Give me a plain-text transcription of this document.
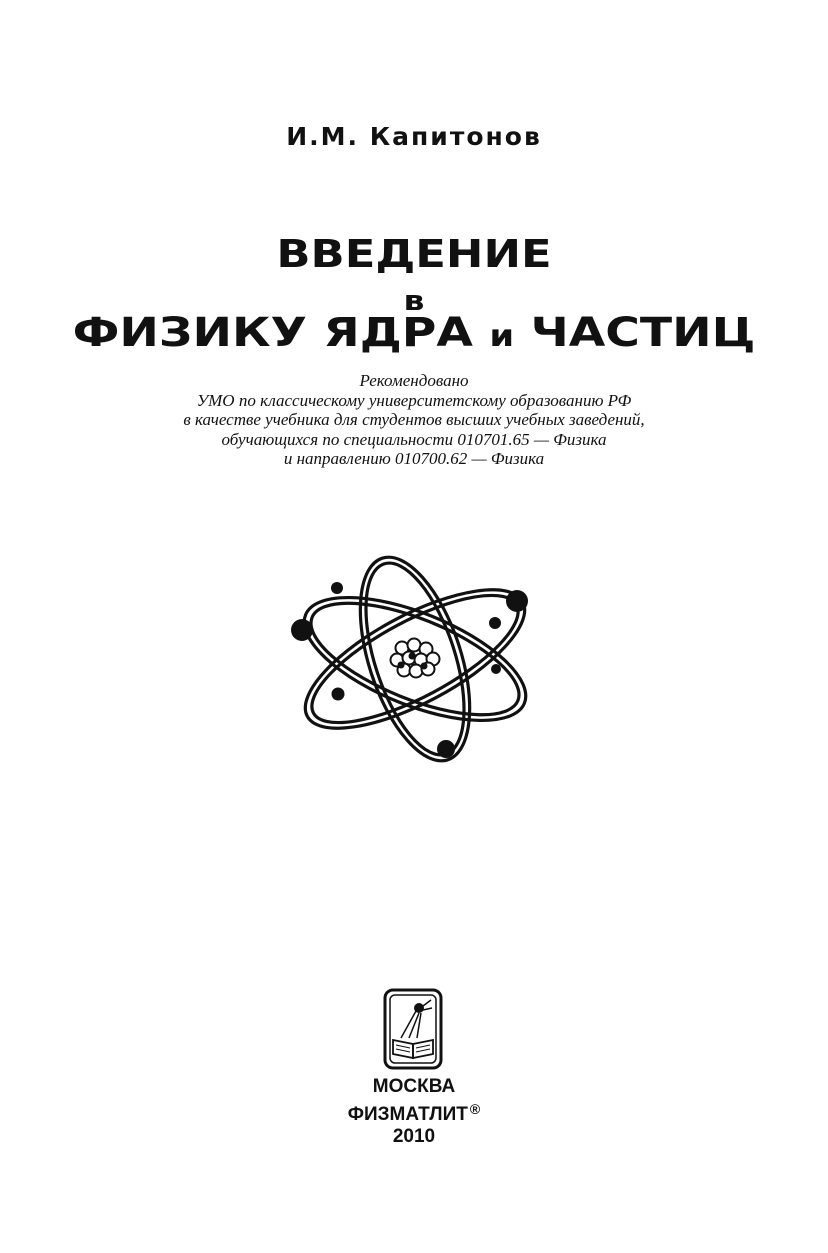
И.М. Капитонов
ВВЕДЕНИЕ
в
ФИЗИКУ ЯДРА и ЧАСТИЦ
Рекомендовано
УМО по классическому университетскому образованию РФ
в качестве учебника для студентов высших учебных заведений,
обучающихся по специальности 010701.65 — Физика
и направлению 010700.62 — Физика
МОСКВА
ФИЗМАТЛИТ ®
2010
